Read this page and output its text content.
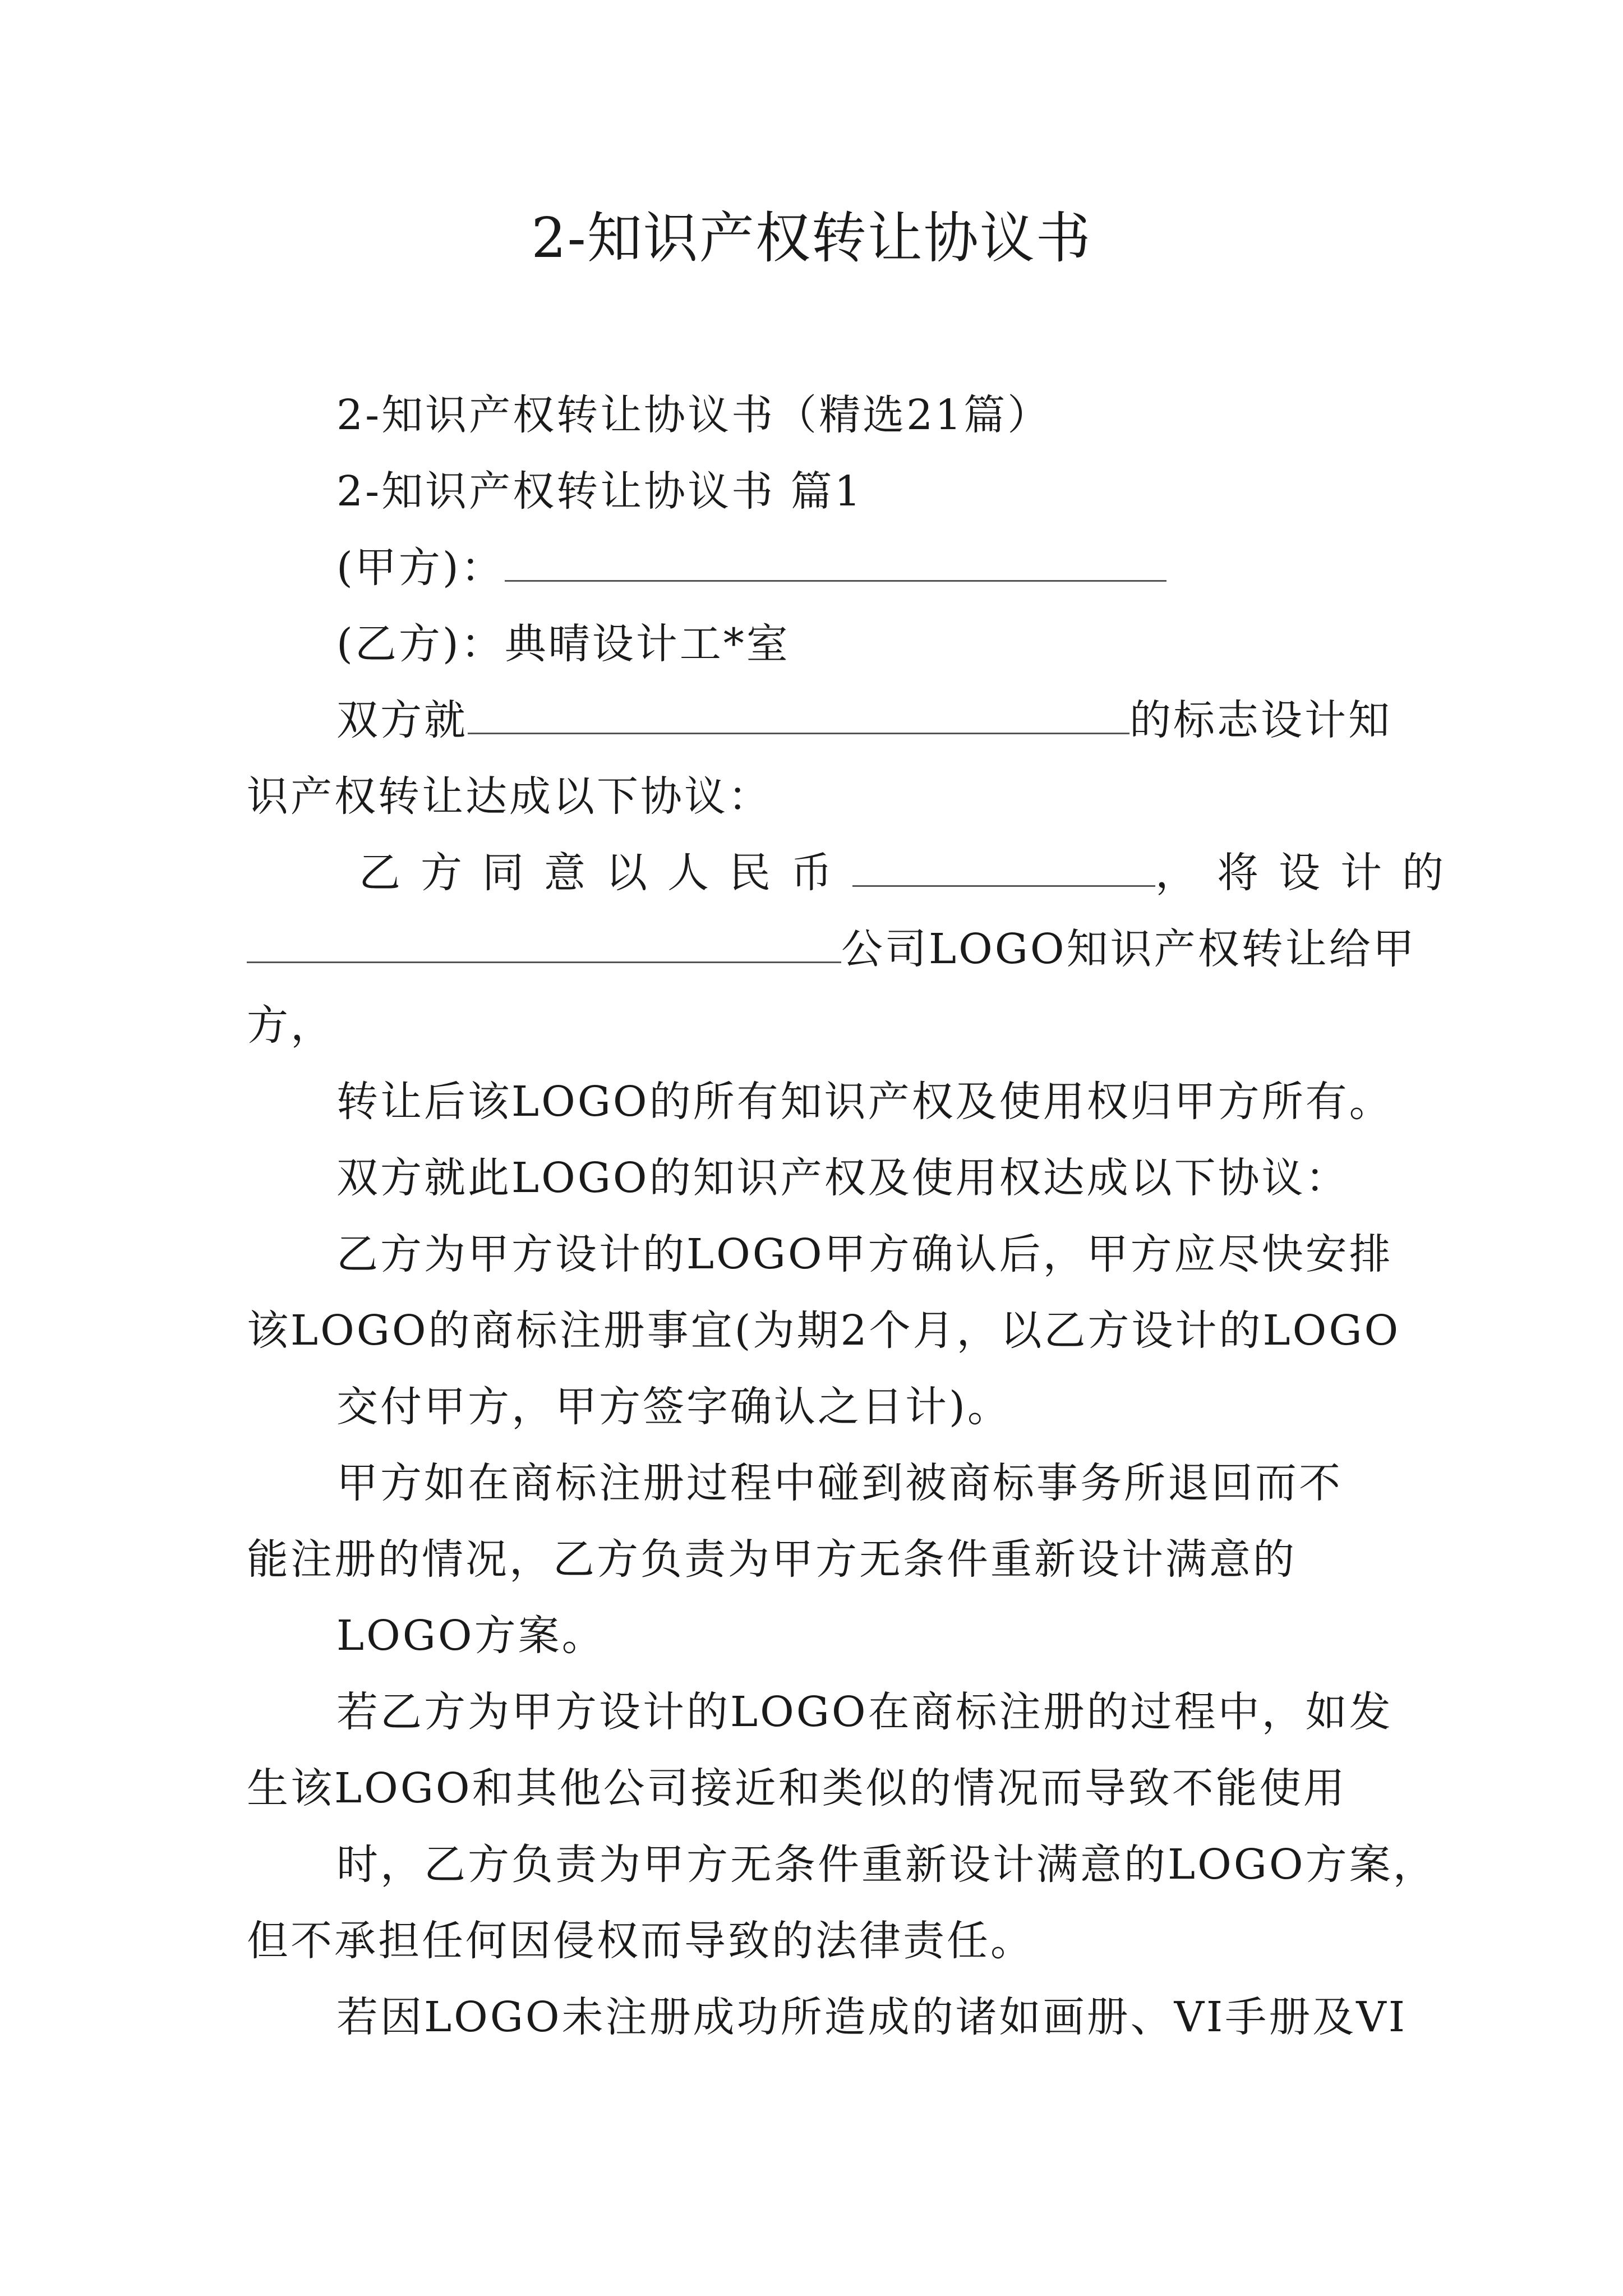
2-知识产权转让协议书
2-知识产权转让协议书（精选21篇）
2-知识产权转让协议书 篇1
(甲方)：
(乙方)：典晴设计工*室
双方就	的标志设计知
识产权转让达成以下协议：
乙方同意以人民币	，将设计的
公司LOGO知识产权转让给甲
方，
转让后该LOGO的所有知识产权及使用权归甲方所有。
双方就此LOGO的知识产权及使用权达成以下协议：
乙方为甲方设计的LOGO甲方确认后，甲方应尽快安排
该LOGO的商标注册事宜(为期2个月，以乙方设计的LOGO
交付甲方，甲方签字确认之日计)。
甲方如在商标注册过程中碰到被商标事务所退回而不
能注册的情况，乙方负责为甲方无条件重新设计满意的
LOGO方案。
若乙方为甲方设计的LOGO在商标注册的过程中，如发
生该LOGO和其他公司接近和类似的情况而导致不能使用
时，乙方负责为甲方无条件重新设计满意的LOGO方案，
但不承担任何因侵权而导致的法律责任。
若因LOGO未注册成功所造成的诸如画册、VI手册及VI
